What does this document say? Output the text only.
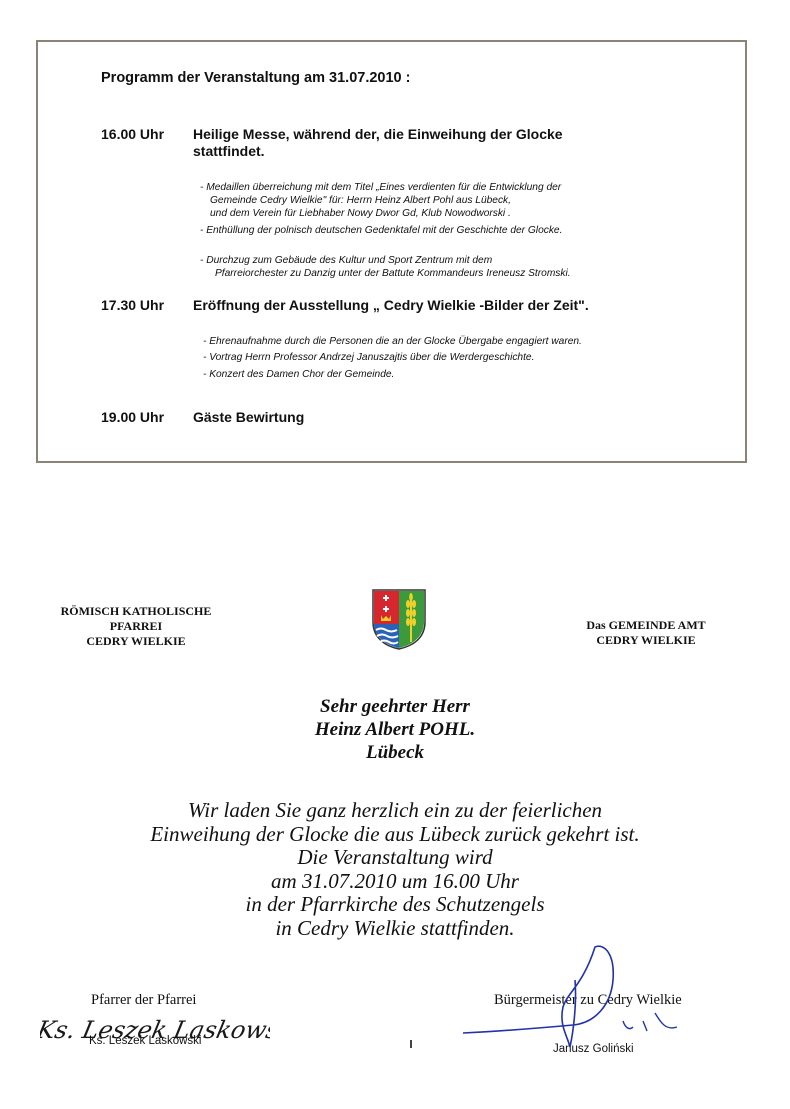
Programm der Veranstaltung am 31.07.2010 :
16.00 Uhr Heilige Messe, während der, die Einweihung der Glocke
stattfindet.
- Medaillen überreichung mit dem Titel „Eines verdienten für die Entwicklung der
Gemeinde Cedry Wielkie" für: Herrn Heinz Albert Pohl aus Lübeck,
und dem Verein für Liebhaber Nowy Dwor Gd, Klub Nowodworski .
- Enthüllung der polnisch deutschen Gedenktafel mit der Geschichte der Glocke.
- Durchzug zum Gebäude des Kultur und Sport Zentrum mit dem
Pfarreiorchester zu Danzig unter der Battute Kommandeurs Ireneusz Stromski.
17.30 Uhr Eröffnung der Ausstellung „ Cedry Wielkie -Bilder der Zeit".
- Ehrenaufnahme durch die Personen die an der Glocke Übergabe engagiert waren.
- Vortrag Herrn Professor Andrzej Januszajtis über die Werdergeschichte.
- Konzert des Damen Chor der Gemeinde.
19.00 Uhr Gäste Bewirtung
RÖMISCH KATHOLISCHE
PFARREI
CEDRY WIELKIE
Das GEMEINDE AMT
CEDRY WIELKIE
Sehr geehrter Herr
Heinz Albert POHL.
Lübeck
Wir laden Sie ganz herzlich ein zu der feierlichen
Einweihung der Glocke die aus Lübeck zurück gekehrt ist.
Die Veranstaltung wird
am 31.07.2010 um 16.00 Uhr
in der Pfarrkirche des Schutzengels
in Cedry Wielkie stattfinden.
Pfarrer der Pfarrei
Ks. Leszek Laskowski
Ks. Leszek Laskowski
Bürgermeister zu Cedry Wielkie
Janusz Goliński
